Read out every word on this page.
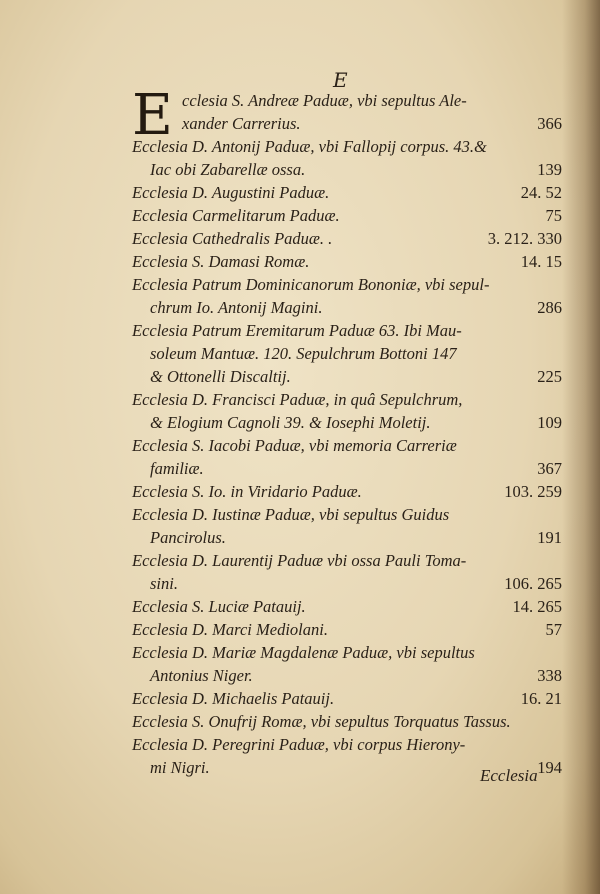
E
E cclesia S. Andreæ Paduæ, vbi sepultus Ale-
xander Carrerius.	366
Ecclesia D. Antonij Paduæ, vbi Fallopij corpus. 43.&
Iac obi Zabarellæ ossa.	139
Ecclesia D. Augustini Paduæ.	24. 52
Ecclesia Carmelitarum Paduæ.	75
Ecclesia Cathedralis Paduæ. .	3. 212. 330
Ecclesia S. Damasi Romæ.	14. 15
Ecclesia Patrum Dominicanorum Bononiæ, vbi sepul-
chrum Io. Antonij Magini.	286
Ecclesia Patrum Eremitarum Paduæ 63. Ibi Mau-
soleum Mantuæ. 120. Sepulchrum Bottoni 147
& Ottonelli Discaltij.	225
Ecclesia D. Francisci Paduæ, in quâ Sepulchrum,
& Elogium Cagnoli 39. & Iosephi Moletij.	109
Ecclesia S. Iacobi Paduæ, vbi memoria Carreriæ
familiæ.	367
Ecclesia S. Io. in Viridario Paduæ.	103. 259
Ecclesia D. Iustinæ Paduæ, vbi sepultus Guidus
Pancirolus.	191
Ecclesia D. Laurentij Paduæ vbi ossa Pauli Toma-
sini.	106. 265
Ecclesia S. Luciæ Patauij.	14. 265
Ecclesia D. Marci Mediolani.	57
Ecclesia D. Mariæ Magdalenæ Paduæ, vbi sepultus
Antonius Niger.	338
Ecclesia D. Michaelis Patauij.	16. 21
Ecclesia S. Onufrij Romæ, vbi sepultus Torquatus Tassus.
Ecclesia D. Peregrini Paduæ, vbi corpus Hierony-
mi Nigri.	194
Ecclesia
